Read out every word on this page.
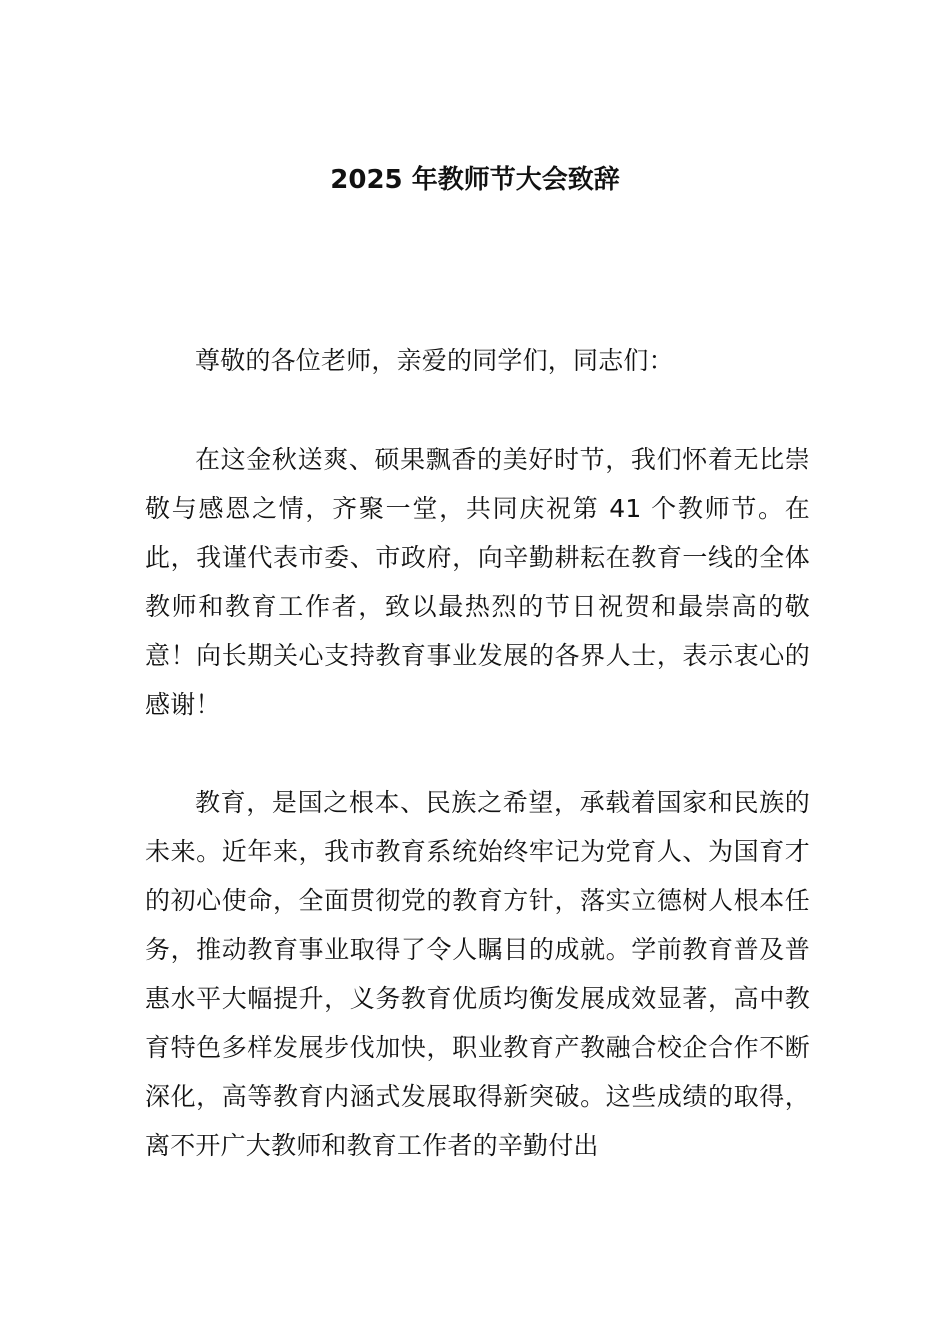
2025 年教师节大会致辞

尊敬的各位老师，亲爱的同学们，同志们：

在这金秋送爽、硕果飘香的美好时节，我们怀着无比崇敬与感恩之情，齐聚一堂，共同庆祝第 41 个教师节。在此，我谨代表市委、市政府，向辛勤耕耘在教育一线的全体教师和教育工作者，致以最热烈的节日祝贺和最崇高的敬意！向长期关心支持教育事业发展的各界人士，表示衷心的感谢！

教育，是国之根本、民族之希望，承载着国家和民族的未来。近年来，我市教育系统始终牢记为党育人、为国育才的初心使命，全面贯彻党的教育方针，落实立德树人根本任务，推动教育事业取得了令人瞩目的成就。学前教育普及普惠水平大幅提升，义务教育优质均衡发展成效显著，高中教育特色多样发展步伐加快，职业教育产教融合校企合作不断深化，高等教育内涵式发展取得新突破。这些成绩的取得，离不开广大教师和教育工作者的辛勤付出
